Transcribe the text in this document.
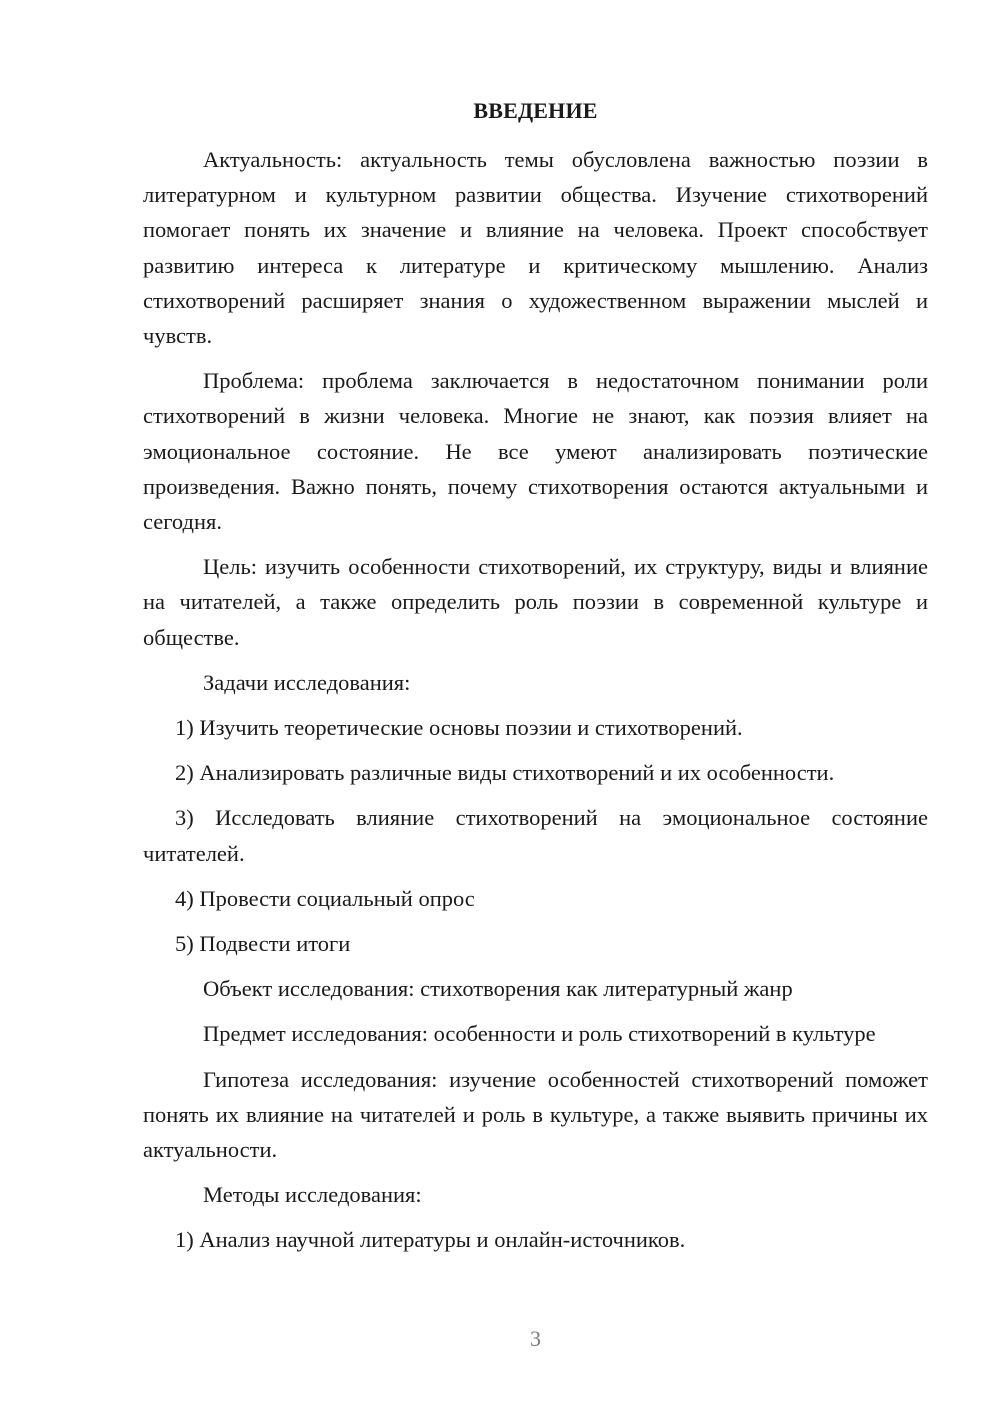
ВВЕДЕНИЕ

Актуальность: актуальность темы обусловлена важностью поэзии в литературном и культурном развитии общества. Изучение стихотворений помогает понять их значение и влияние на человека. Проект способствует развитию интереса к литературе и критическому мышлению. Анализ стихотворений расширяет знания о художественном выражении мыслей и чувств.

Проблема: проблема заключается в недостаточном понимании роли стихотворений в жизни человека. Многие не знают, как поэзия влияет на эмоциональное состояние. Не все умеют анализировать поэтические произведения. Важно понять, почему стихотворения остаются актуальными и сегодня.

Цель: изучить особенности стихотворений, их структуру, виды и влияние на читателей, а также определить роль поэзии в современной культуре и обществе.

Задачи исследования:

1) Изучить теоретические основы поэзии и стихотворений.

2) Анализировать различные виды стихотворений и их особенности.

3) Исследовать влияние стихотворений на эмоциональное состояние читателей.

4) Провести социальный опрос

5) Подвести итоги

Объект исследования: стихотворения как литературный жанр

Предмет исследования: особенности и роль стихотворений в культуре

Гипотеза исследования: изучение особенностей стихотворений поможет понять их влияние на читателей и роль в культуре, а также выявить причины их актуальности.

Методы исследования:

1) Анализ научной литературы и онлайн-источников.

3
